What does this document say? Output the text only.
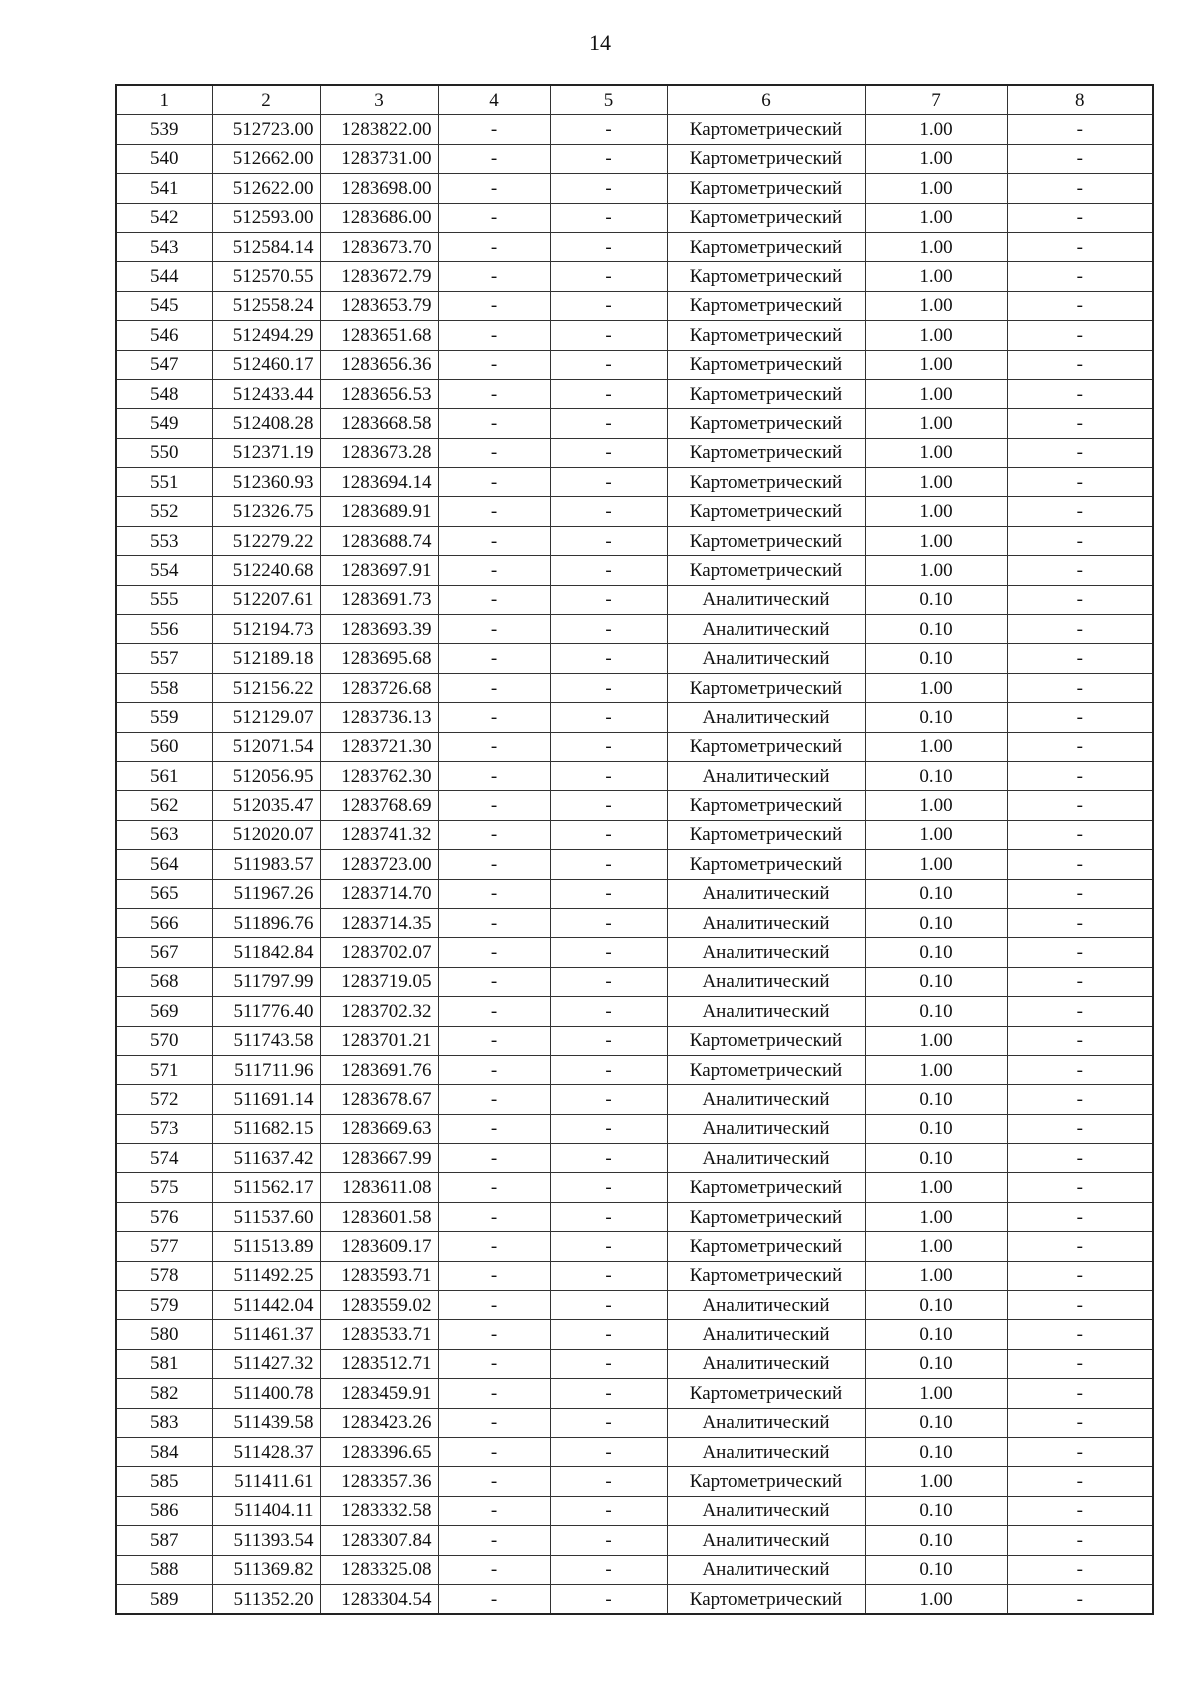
14
1	2	3	4	5	6	7	8
539	512723.00	1283822.00	-	-	Картометрический	1.00	-
540	512662.00	1283731.00	-	-	Картометрический	1.00	-
541	512622.00	1283698.00	-	-	Картометрический	1.00	-
542	512593.00	1283686.00	-	-	Картометрический	1.00	-
543	512584.14	1283673.70	-	-	Картометрический	1.00	-
544	512570.55	1283672.79	-	-	Картометрический	1.00	-
545	512558.24	1283653.79	-	-	Картометрический	1.00	-
546	512494.29	1283651.68	-	-	Картометрический	1.00	-
547	512460.17	1283656.36	-	-	Картометрический	1.00	-
548	512433.44	1283656.53	-	-	Картометрический	1.00	-
549	512408.28	1283668.58	-	-	Картометрический	1.00	-
550	512371.19	1283673.28	-	-	Картометрический	1.00	-
551	512360.93	1283694.14	-	-	Картометрический	1.00	-
552	512326.75	1283689.91	-	-	Картометрический	1.00	-
553	512279.22	1283688.74	-	-	Картометрический	1.00	-
554	512240.68	1283697.91	-	-	Картометрический	1.00	-
555	512207.61	1283691.73	-	-	Аналитический	0.10	-
556	512194.73	1283693.39	-	-	Аналитический	0.10	-
557	512189.18	1283695.68	-	-	Аналитический	0.10	-
558	512156.22	1283726.68	-	-	Картометрический	1.00	-
559	512129.07	1283736.13	-	-	Аналитический	0.10	-
560	512071.54	1283721.30	-	-	Картометрический	1.00	-
561	512056.95	1283762.30	-	-	Аналитический	0.10	-
562	512035.47	1283768.69	-	-	Картометрический	1.00	-
563	512020.07	1283741.32	-	-	Картометрический	1.00	-
564	511983.57	1283723.00	-	-	Картометрический	1.00	-
565	511967.26	1283714.70	-	-	Аналитический	0.10	-
566	511896.76	1283714.35	-	-	Аналитический	0.10	-
567	511842.84	1283702.07	-	-	Аналитический	0.10	-
568	511797.99	1283719.05	-	-	Аналитический	0.10	-
569	511776.40	1283702.32	-	-	Аналитический	0.10	-
570	511743.58	1283701.21	-	-	Картометрический	1.00	-
571	511711.96	1283691.76	-	-	Картометрический	1.00	-
572	511691.14	1283678.67	-	-	Аналитический	0.10	-
573	511682.15	1283669.63	-	-	Аналитический	0.10	-
574	511637.42	1283667.99	-	-	Аналитический	0.10	-
575	511562.17	1283611.08	-	-	Картометрический	1.00	-
576	511537.60	1283601.58	-	-	Картометрический	1.00	-
577	511513.89	1283609.17	-	-	Картометрический	1.00	-
578	511492.25	1283593.71	-	-	Картометрический	1.00	-
579	511442.04	1283559.02	-	-	Аналитический	0.10	-
580	511461.37	1283533.71	-	-	Аналитический	0.10	-
581	511427.32	1283512.71	-	-	Аналитический	0.10	-
582	511400.78	1283459.91	-	-	Картометрический	1.00	-
583	511439.58	1283423.26	-	-	Аналитический	0.10	-
584	511428.37	1283396.65	-	-	Аналитический	0.10	-
585	511411.61	1283357.36	-	-	Картометрический	1.00	-
586	511404.11	1283332.58	-	-	Аналитический	0.10	-
587	511393.54	1283307.84	-	-	Аналитический	0.10	-
588	511369.82	1283325.08	-	-	Аналитический	0.10	-
589	511352.20	1283304.54	-	-	Картометрический	1.00	-
